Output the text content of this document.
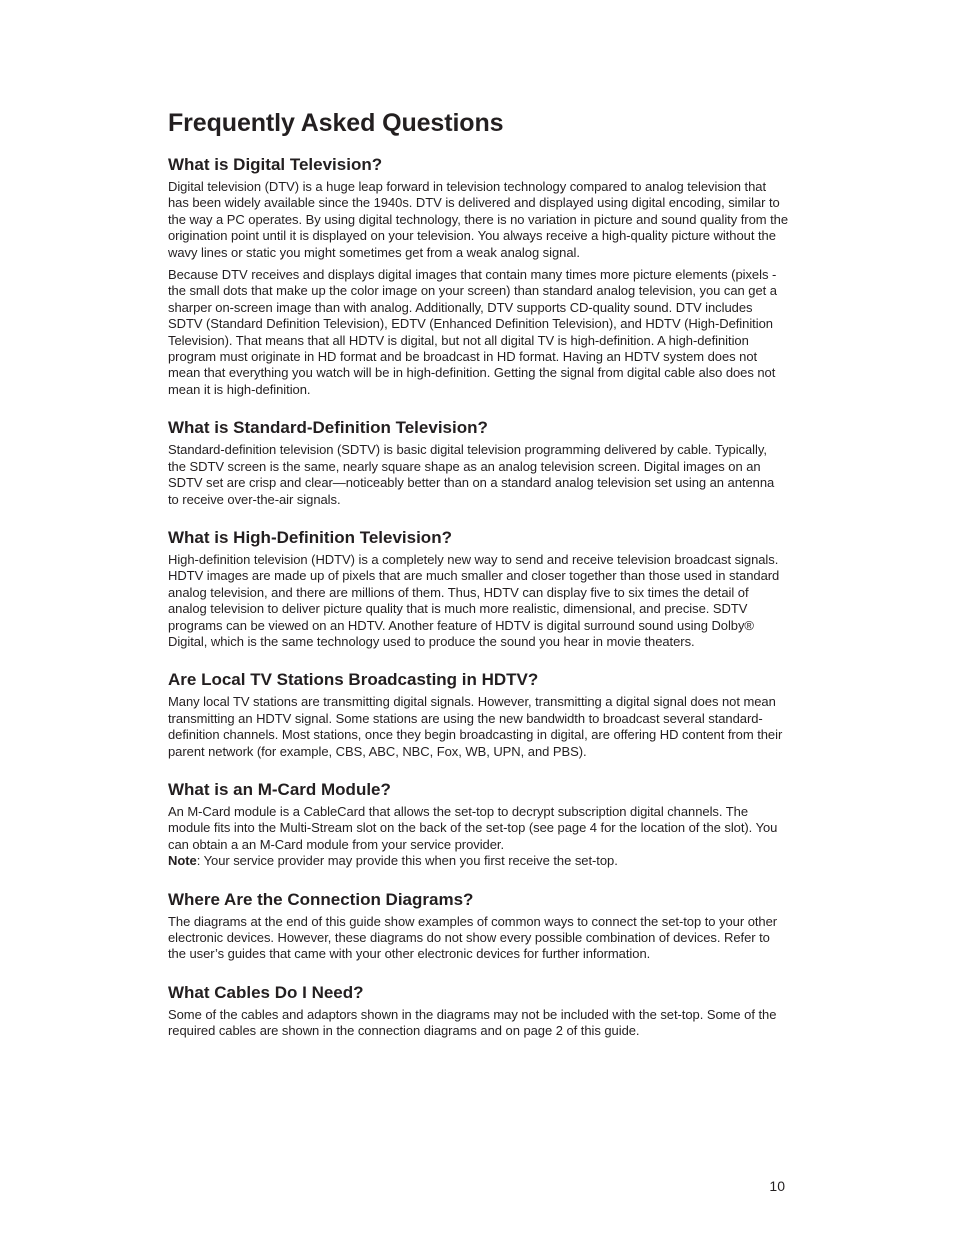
Frequently Asked Questions
What is Digital Television?

Digital television (DTV) is a huge leap forward in television technology compared to analog television that has been widely available since the 1940s. DTV is delivered and displayed using digital encoding, similar to the way a PC operates. By using digital technology, there is no variation in picture and sound quality from the origination point until it is displayed on your television. You always receive a high-quality picture without the wavy lines or static you might sometimes get from a weak analog signal.

Because DTV receives and displays digital images that contain many times more picture elements (pixels - the small dots that make up the color image on your screen) than standard analog television, you can get a sharper on-screen image than with analog. Additionally, DTV supports CD-quality sound. DTV includes SDTV (Standard Definition Television), EDTV (Enhanced Definition Television), and HDTV (High-Definition Television). That means that all HDTV is digital, but not all digital TV is high-definition. A high-definition program must originate in HD format and be broadcast in HD format. Having an HDTV system does not mean that everything you watch will be in high-definition. Getting the signal from digital cable also does not mean it is high-definition.

What is Standard-Definition Television?

Standard-definition television (SDTV) is basic digital television programming delivered by cable. Typically, the SDTV screen is the same, nearly square shape as an analog television screen. Digital images on an SDTV set are crisp and clear—noticeably better than on a standard analog television set using an antenna to receive over-the-air signals.

What is High-Definition Television?

High-definition television (HDTV) is a completely new way to send and receive television broadcast signals. HDTV images are made up of pixels that are much smaller and closer together than those used in standard analog television, and there are millions of them. Thus, HDTV can display five to six times the detail of analog television to deliver picture quality that is much more realistic, dimensional, and precise. SDTV programs can be viewed on an HDTV. Another feature of HDTV is digital surround sound using Dolby® Digital, which is the same technology used to produce the sound you hear in movie theaters.

Are Local TV Stations Broadcasting in HDTV?

Many local TV stations are transmitting digital signals. However, transmitting a digital signal does not mean transmitting an HDTV signal. Some stations are using the new bandwidth to broadcast several standard-definition channels. Most stations, once they begin broadcasting in digital, are offering HD content from their parent network (for example, CBS, ABC, NBC, Fox, WB, UPN, and PBS).

What is an M-Card Module?

An M-Card module is a CableCard that allows the set-top to decrypt subscription digital channels. The module fits into the Multi-Stream slot on the back of the set-top (see page 4 for the location of the slot). You can obtain a an M-Card module from your service provider.

Note: Your service provider may provide this when you first receive the set-top.

Where Are the Connection Diagrams?

The diagrams at the end of this guide show examples of common ways to connect the set-top to your other electronic devices. However, these diagrams do not show every possible combination of devices. Refer to the user’s guides that came with your other electronic devices for further information.

What Cables Do I Need?

Some of the cables and adaptors shown in the diagrams may not be included with the set-top. Some of the required cables are shown in the connection diagrams and on page 2 of this guide.

10
